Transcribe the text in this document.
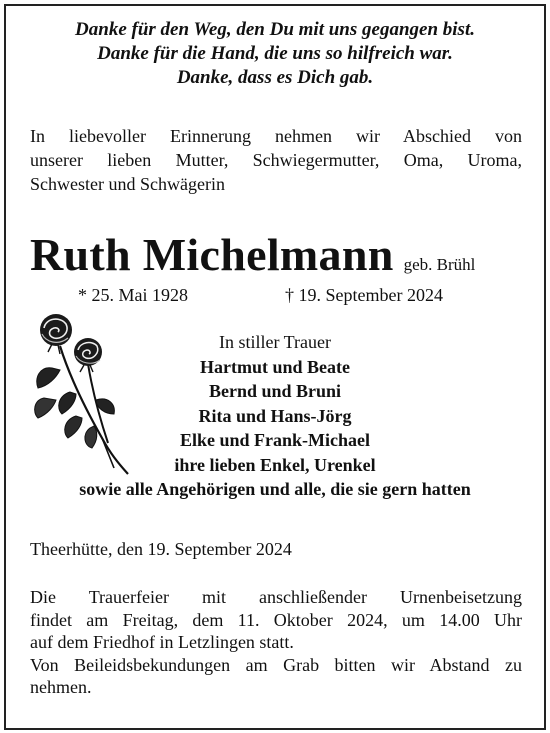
Danke für den Weg, den Du mit uns gegangen bist.
Danke für die Hand, die uns so hilfreich war.
Danke, dass es Dich gab.
In liebevoller Erinnerung nehmen wir Abschied von
unserer lieben Mutter, Schwiegermutter, Oma, Uroma,
Schwester und Schwägerin
Ruth Michelmann geb. Brühl
* 25. Mai 1928	† 19. September 2024
In stiller Trauer
Hartmut und Beate
Bernd und Bruni
Rita und Hans-Jörg
Elke und Frank-Michael
ihre lieben Enkel, Urenkel
sowie alle Angehörigen und alle, die sie gern hatten
Theerhütte, den 19. September 2024
Die Trauerfeier mit anschließender Urnenbeisetzung
findet am Freitag, dem 11. Oktober 2024, um 14.00 Uhr
auf dem Friedhof in Letzlingen statt.
Von Beileidsbekundungen am Grab bitten wir Abstand zu
nehmen.
